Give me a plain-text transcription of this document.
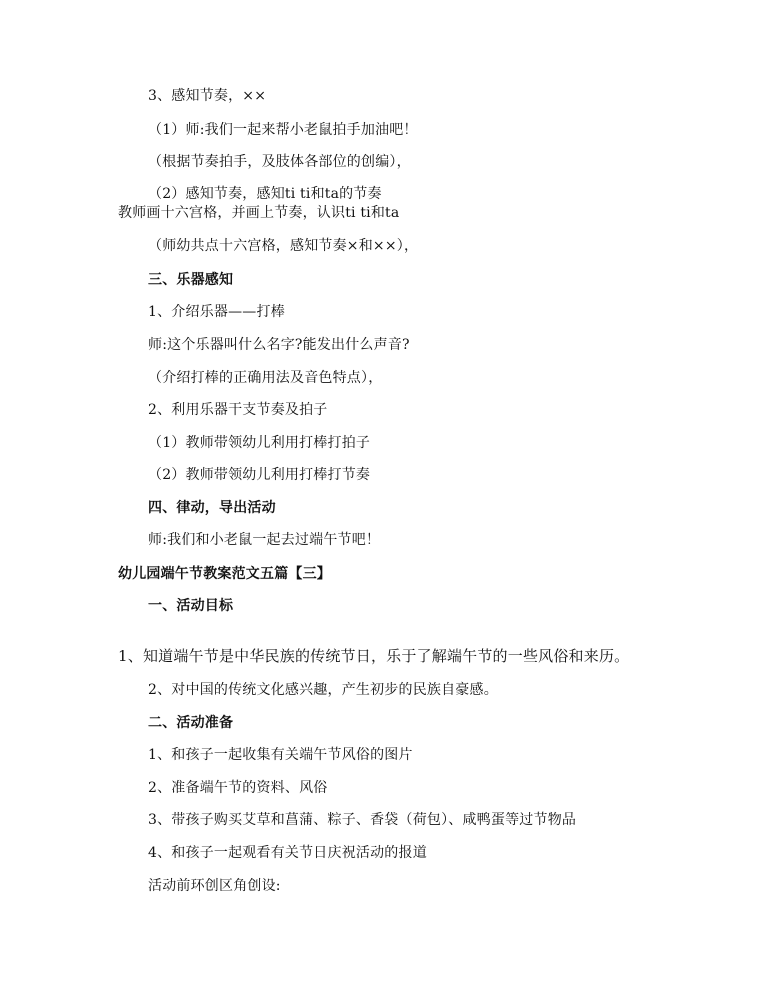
3、感知节奏，××
（1）师:我们一起来帮小老鼠拍手加油吧！
（根据节奏拍手，及肢体各部位的创编），
（2）感知节奏，感知ti ti和ta的节奏
教师画十六宫格，并画上节奏，认识ti ti和ta
（师幼共点十六宫格，感知节奏×和××），
三、乐器感知
1、介绍乐器——打棒
师:这个乐器叫什么名字?能发出什么声音?
（介绍打棒的正确用法及音色特点），
2、利用乐器干支节奏及拍子
（1）教师带领幼儿利用打棒打拍子
（2）教师带领幼儿利用打棒打节奏
四、律动，导出活动
师:我们和小老鼠一起去过端午节吧！
幼儿园端午节教案范文五篇【三】
一、活动目标
1、知道端午节是中华民族的传统节日，乐于了解端午节的一些风俗和来历。
2、对中国的传统文化感兴趣，产生初步的民族自豪感。
二、活动准备
1、和孩子一起收集有关端午节风俗的图片
2、准备端午节的资料、风俗
3、带孩子购买艾草和菖蒲、粽子、香袋（荷包）、咸鸭蛋等过节物品
4、和孩子一起观看有关节日庆祝活动的报道
活动前环创区角创设:
